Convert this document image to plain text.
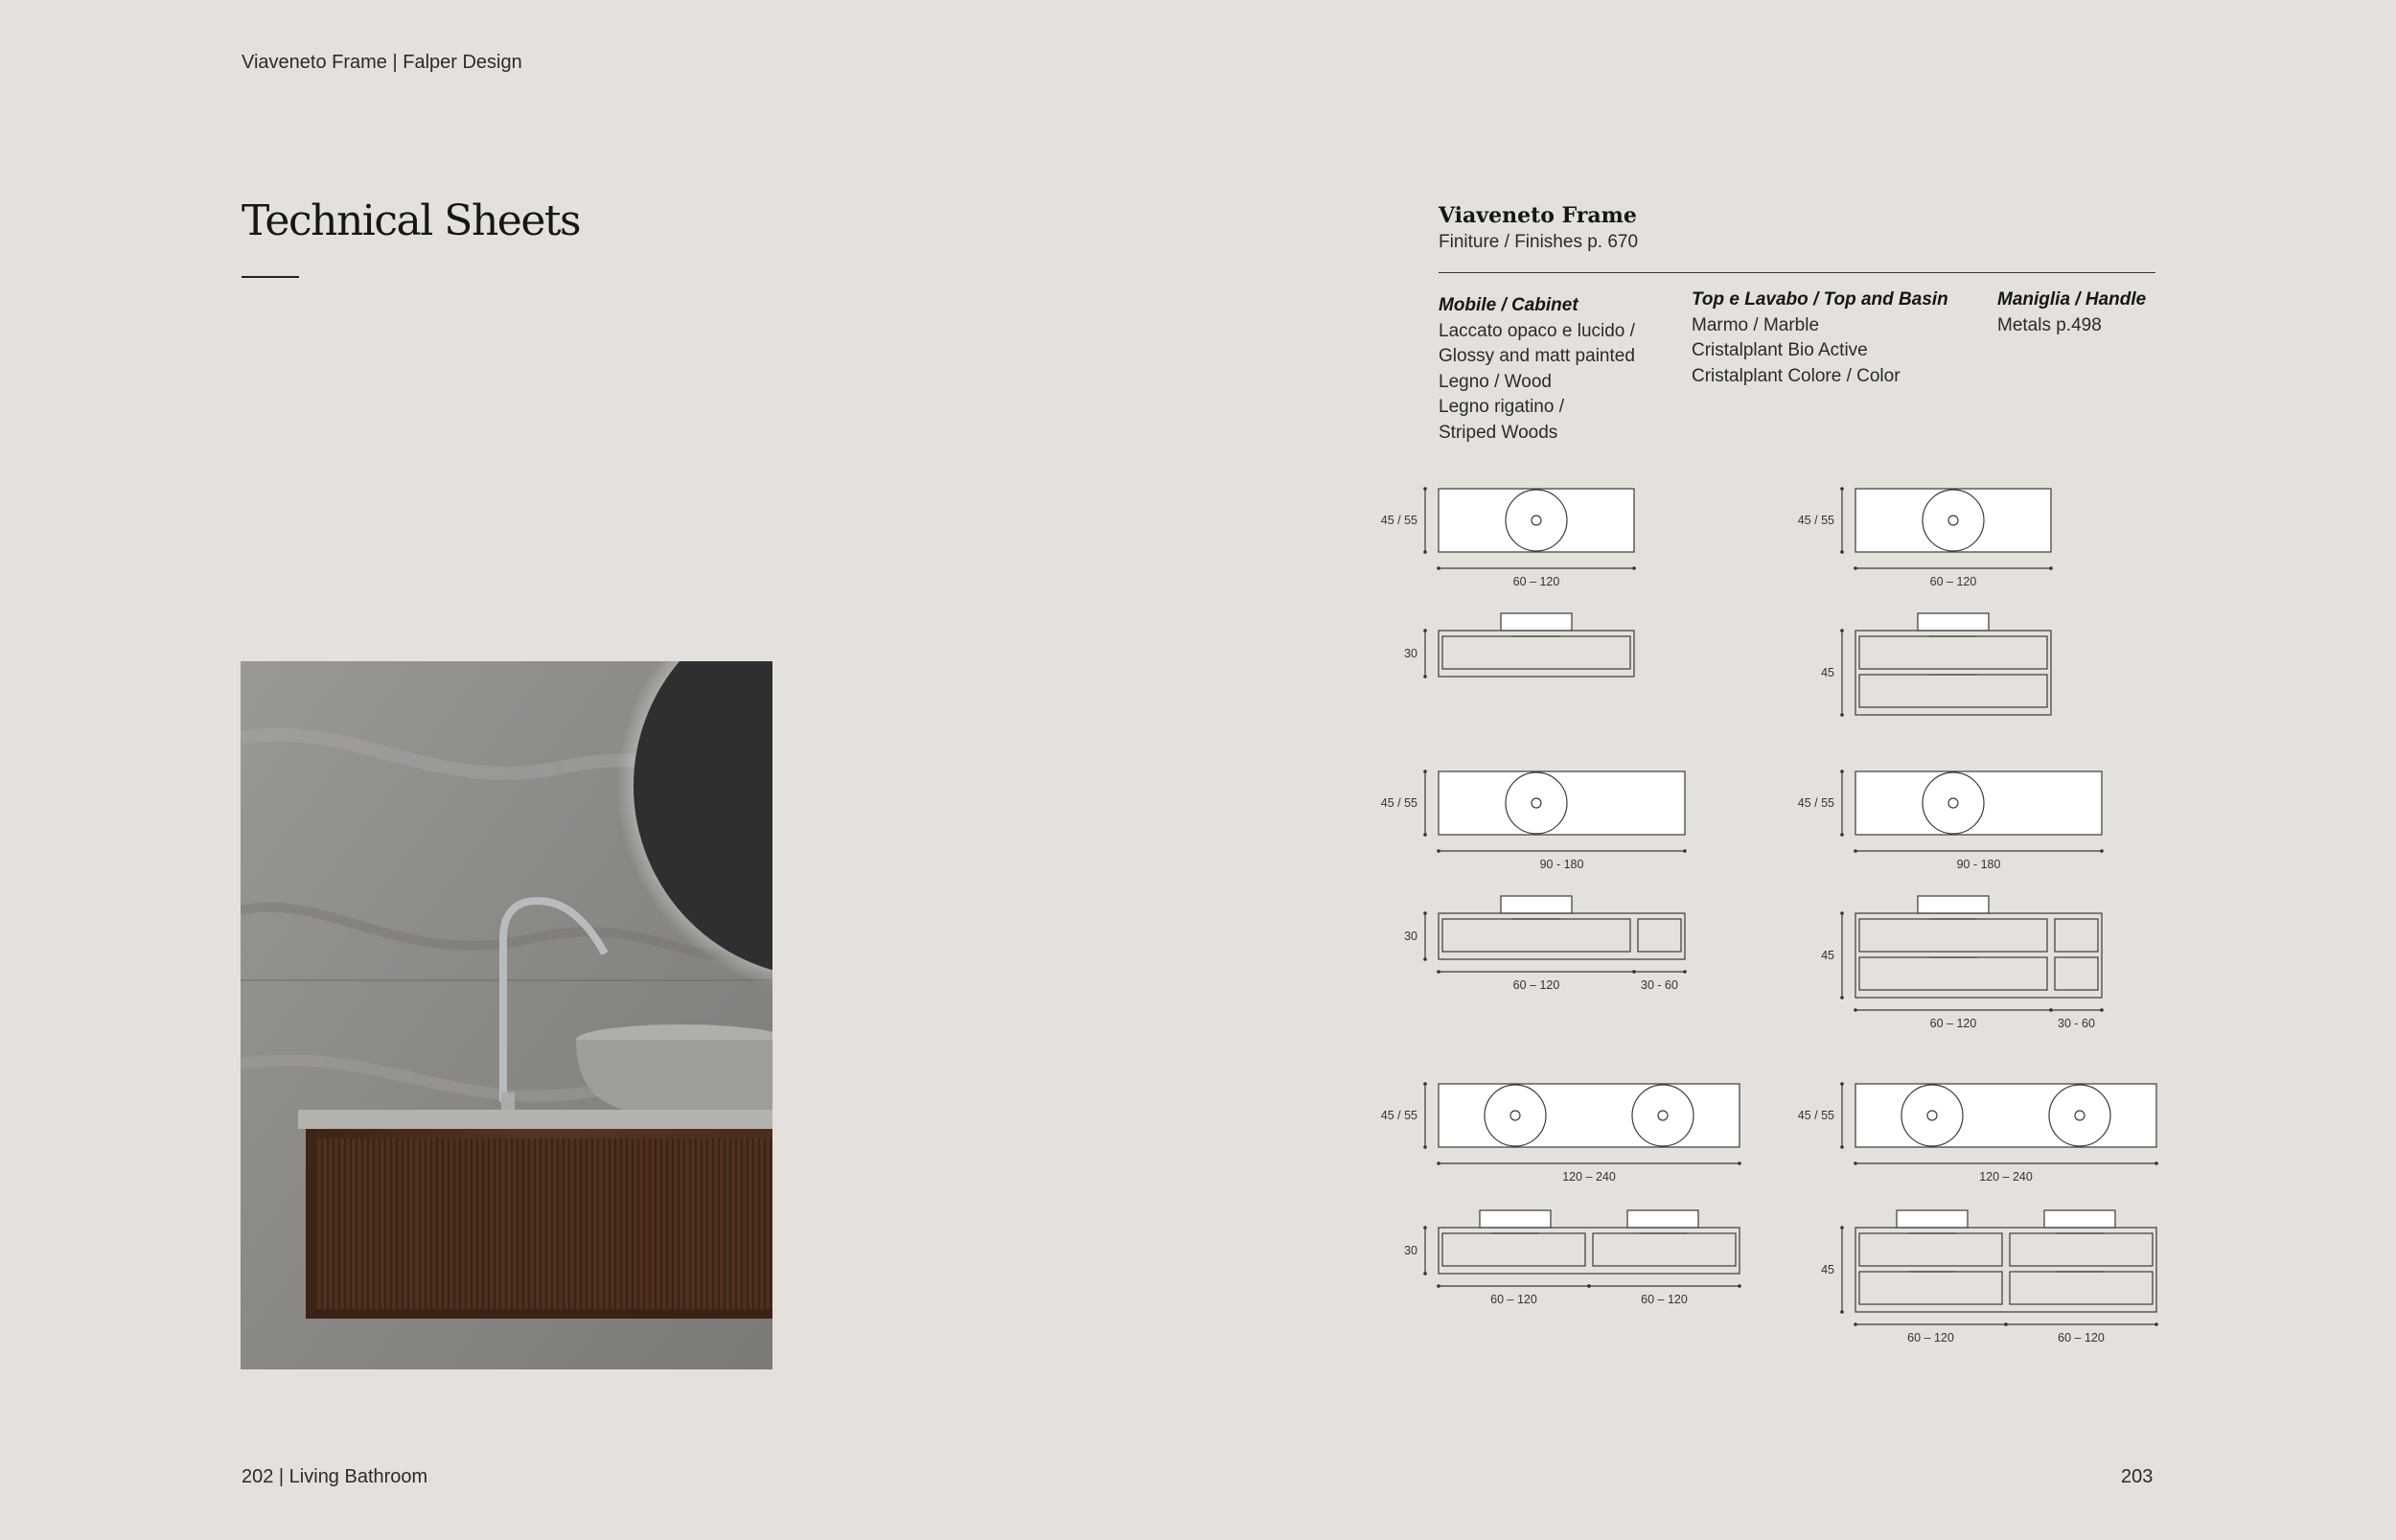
Viaveneto Frame | Falper Design
Technical Sheets	Viaveneto Frame
Finiture / Finishes p. 670
Mobile / Cabinet
Laccato opaco e lucido /
Glossy and matt painted
Legno / Wood
Legno rigatino /
Striped Woods
Top e Lavabo / Top and Basin
Marmo / Marble
Cristalplant Bio Active
Cristalplant Colore / Color
Maniglia / Handle
Metals p.498
45 / 55
60 – 120
30
45 / 55
60 – 120
45
45 / 55
90 - 180
30
60 – 120	30 - 60
45 / 55
90 - 180
45
60 – 120	30 - 60
45 / 55
120 – 240
30
60 – 120	60 – 120
45 / 55
120 – 240
45
60 – 120	60 – 120
202 | Living Bathroom	203
